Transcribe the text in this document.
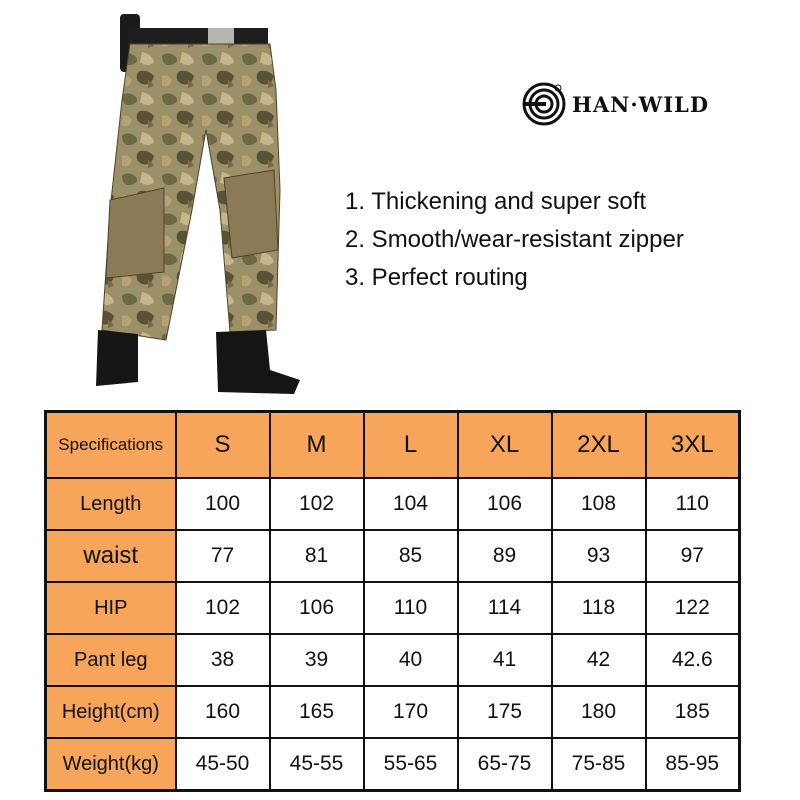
HAN·WILD
1. Thickening and super soft
2. Smooth/wear-resistant zipper
3. Perfect routing
Specifications	S	M	L	XL	2XL	3XL
Length	100	102	104	106	108	110
waist	77	81	85	89	93	97
HIP	102	106	110	114	118	122
Pant leg	38	39	40	41	42	42.6
Height(cm)	160	165	170	175	180	185
Weight(kg)	45-50	45-55	55-65	65-75	75-85	85-95
